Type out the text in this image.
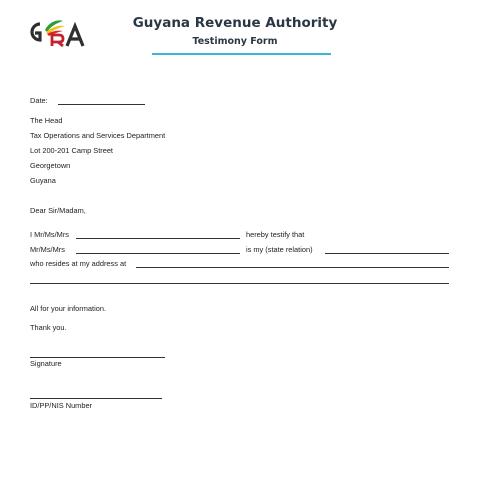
Guyana Revenue Authority
Testimony Form
Date:
The Head
Tax Operations and Services Department
Lot 200-201 Camp Street
Georgetown
Guyana
Dear Sir/Madam,
I Mr/Ms/Mrs	hereby testify that
Mr/Ms/Mrs	is my (state relation)
who resides at my address at
All for your information.
Thank you.
Signature
ID/PP/NIS Number
